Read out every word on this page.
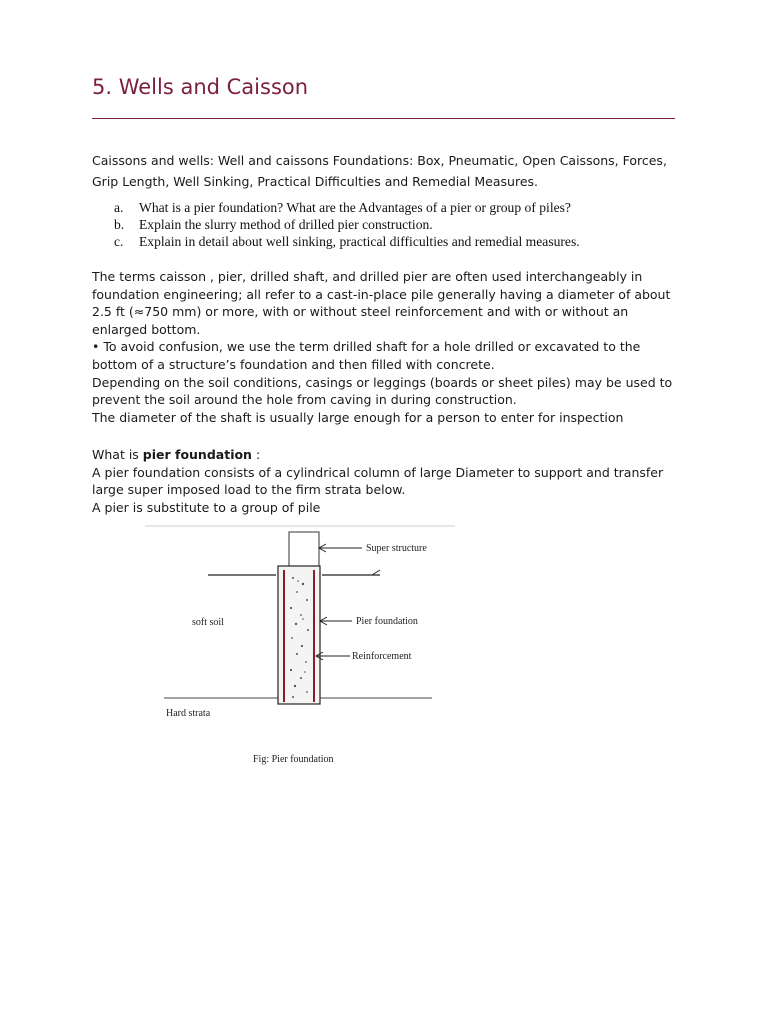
5. Wells and Caisson

Caissons and wells: Well and caissons Foundations: Box, Pneumatic, Open Caissons, Forces, Grip Length, Well Sinking, Practical Difficulties and Remedial Measures.

a.	What is a pier foundation? What are the Advantages of a pier or group of piles?
b.	Explain the slurry method of drilled pier construction.
c.	Explain in detail about well sinking, practical difficulties and remedial measures.
The terms caisson , pier, drilled shaft, and drilled pier are often used interchangeably in foundation engineering; all refer to a cast-in-place pile generally having a diameter of about 2.5 ft (≈750 mm) or more, with or without steel reinforcement and with or without an enlarged bottom.
• To avoid confusion, we use the term drilled shaft for a hole drilled or excavated to the bottom of a structure’s foundation and then filled with concrete.
Depending on the soil conditions, casings or leggings (boards or sheet piles) may be used to prevent the soil around the hole from caving in during construction.
The diameter of the shaft is usually large enough for a person to enter for inspection
What is pier foundation :
A pier foundation consists of a cylindrical column of large Diameter to support and transfer large super imposed load to the firm strata below.
A pier is substitute to a group of pile
Super structure
soft soil	Pier foundation
Reinforcement
Hard strata
Fig: Pier foundation
